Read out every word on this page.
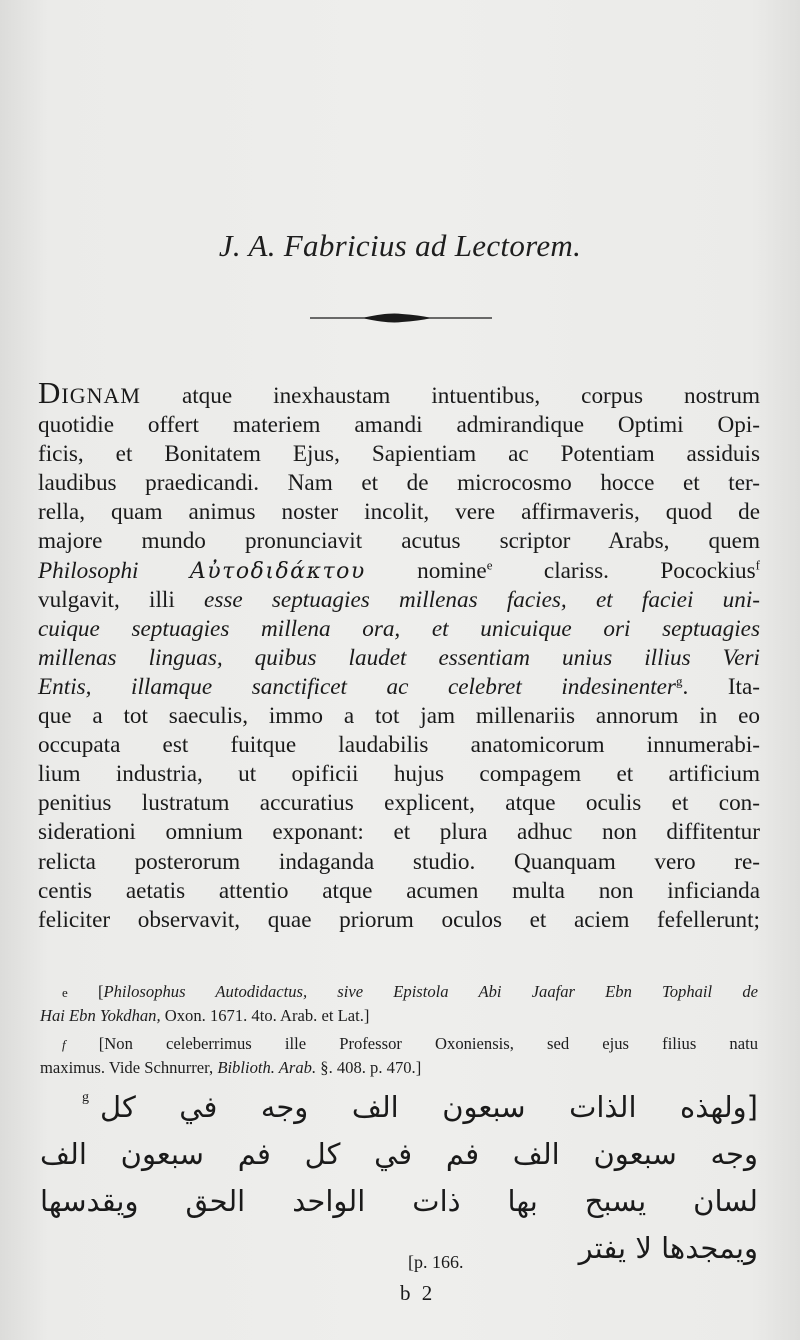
J. A. Fabricius ad Lectorem.
Dignam atque inexhaustam intuentibus, corpus nostrum
quotidie offert materiem amandi admirandique Optimi Opi-
ficis, et Bonitatem Ejus, Sapientiam ac Potentiam assiduis
laudibus praedicandi. Nam et de microcosmo hocce et ter-
rella, quam animus noster incolit, vere affirmaveris, quod de
majore mundo pronunciavit acutus scriptor Arabs, quem
Philosophi Αὐτοδιδάκτου nomine$^e$ clariss. Pocockius$^f$
vulgavit, illi esse septuagies millenas facies, et faciei uni-
cuique septuagies millena ora, et unicuique ori septuagies
millenas linguas, quibus laudet essentiam unius illius Veri
Entis, illamque sanctificet ac celebret indesinenter$^g$. Ita-
que a tot saeculis, immo a tot jam millenariis annorum in eo
occupata est fuitque laudabilis anatomicorum innumerabi-
lium industria, ut opificii hujus compagem et artificium
penitius lustratum accuratius explicent, atque oculis et con-
siderationi omnium exponant: et plura adhuc non diffitentur
relicta posterorum indaganda studio. Quanquam vero re-
centis aetatis attentio atque acumen multa non inficianda
feliciter observavit, quae priorum oculos et aciem fefellerunt;
e [Philosophus Autodidactus, sive Epistola Abi Jaafar Ebn Tophail de
Hai Ebn Yokdhan, Oxon. 1671. 4to. Arab. et Lat.]
f [Non celeberrimus ille Professor Oxoniensis, sed ejus filius natu
maximus. Vide Schnurrer, Biblioth. Arab. §. 408. p. 470.]
g [ولهذه الذات سبعون الف وجه في كل
وجه سبعون الف فم في كل فم سبعون الف
لسان يسبح بها ذات الواحد الحق ويقدسها
ويمجدها لا يفتر
[p. 166.
b 2
